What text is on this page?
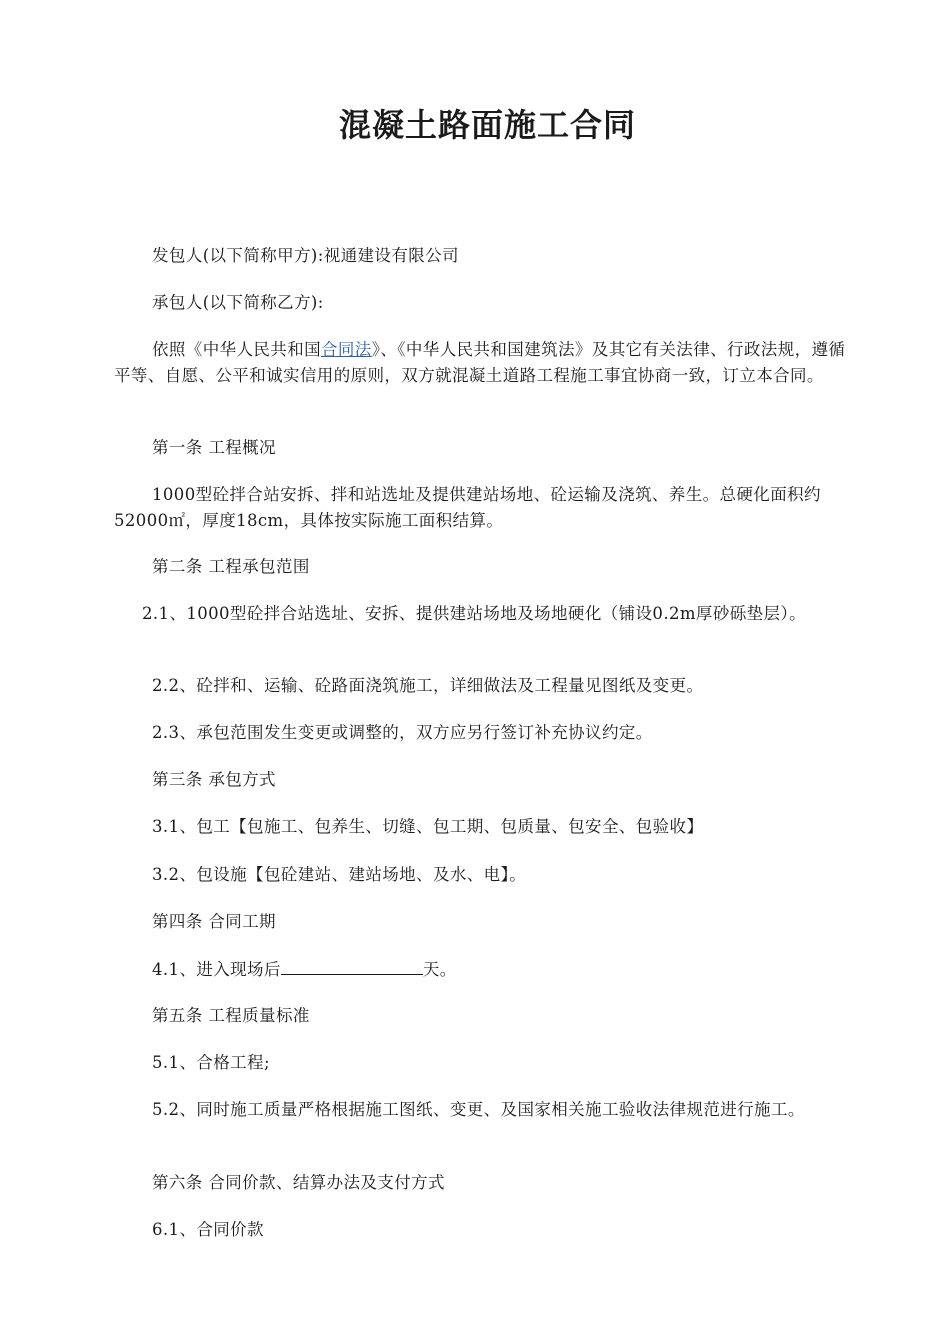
混凝土路面施工合同
发包人(以下简称甲方):视通建设有限公司
承包人(以下简称乙方):
依照《中华人民共和国合同法》、《中华人民共和国建筑法》及其它有关法律、行政法规，遵循平等、自愿、公平和诚实信用的原则，双方就混凝土道路工程施工事宜协商一致，订立本合同。
第一条 工程概况
1000型砼拌合站安拆、拌和站选址及提供建站场地、砼运输及浇筑、养生。总硬化面积约52000㎡，厚度18cm，具体按实际施工面积结算。
第二条 工程承包范围
2.1、1000型砼拌合站选址、安拆、提供建站场地及场地硬化（铺设0.2m厚砂砾垫层）。
2.2、砼拌和、运输、砼路面浇筑施工，详细做法及工程量见图纸及变更。
2.3、承包范围发生变更或调整的，双方应另行签订补充协议约定。
第三条 承包方式
3.1、包工【包施工、包养生、切缝、包工期、包质量、包安全、包验收】
3.2、包设施【包砼建站、建站场地、及水、电】。
第四条 合同工期
4.1、进入现场后	天。
第五条 工程质量标准
5.1、合格工程;
5.2、同时施工质量严格根据施工图纸、变更、及国家相关施工验收法律规范进行施工。
第六条 合同价款、结算办法及支付方式
6.1、合同价款
